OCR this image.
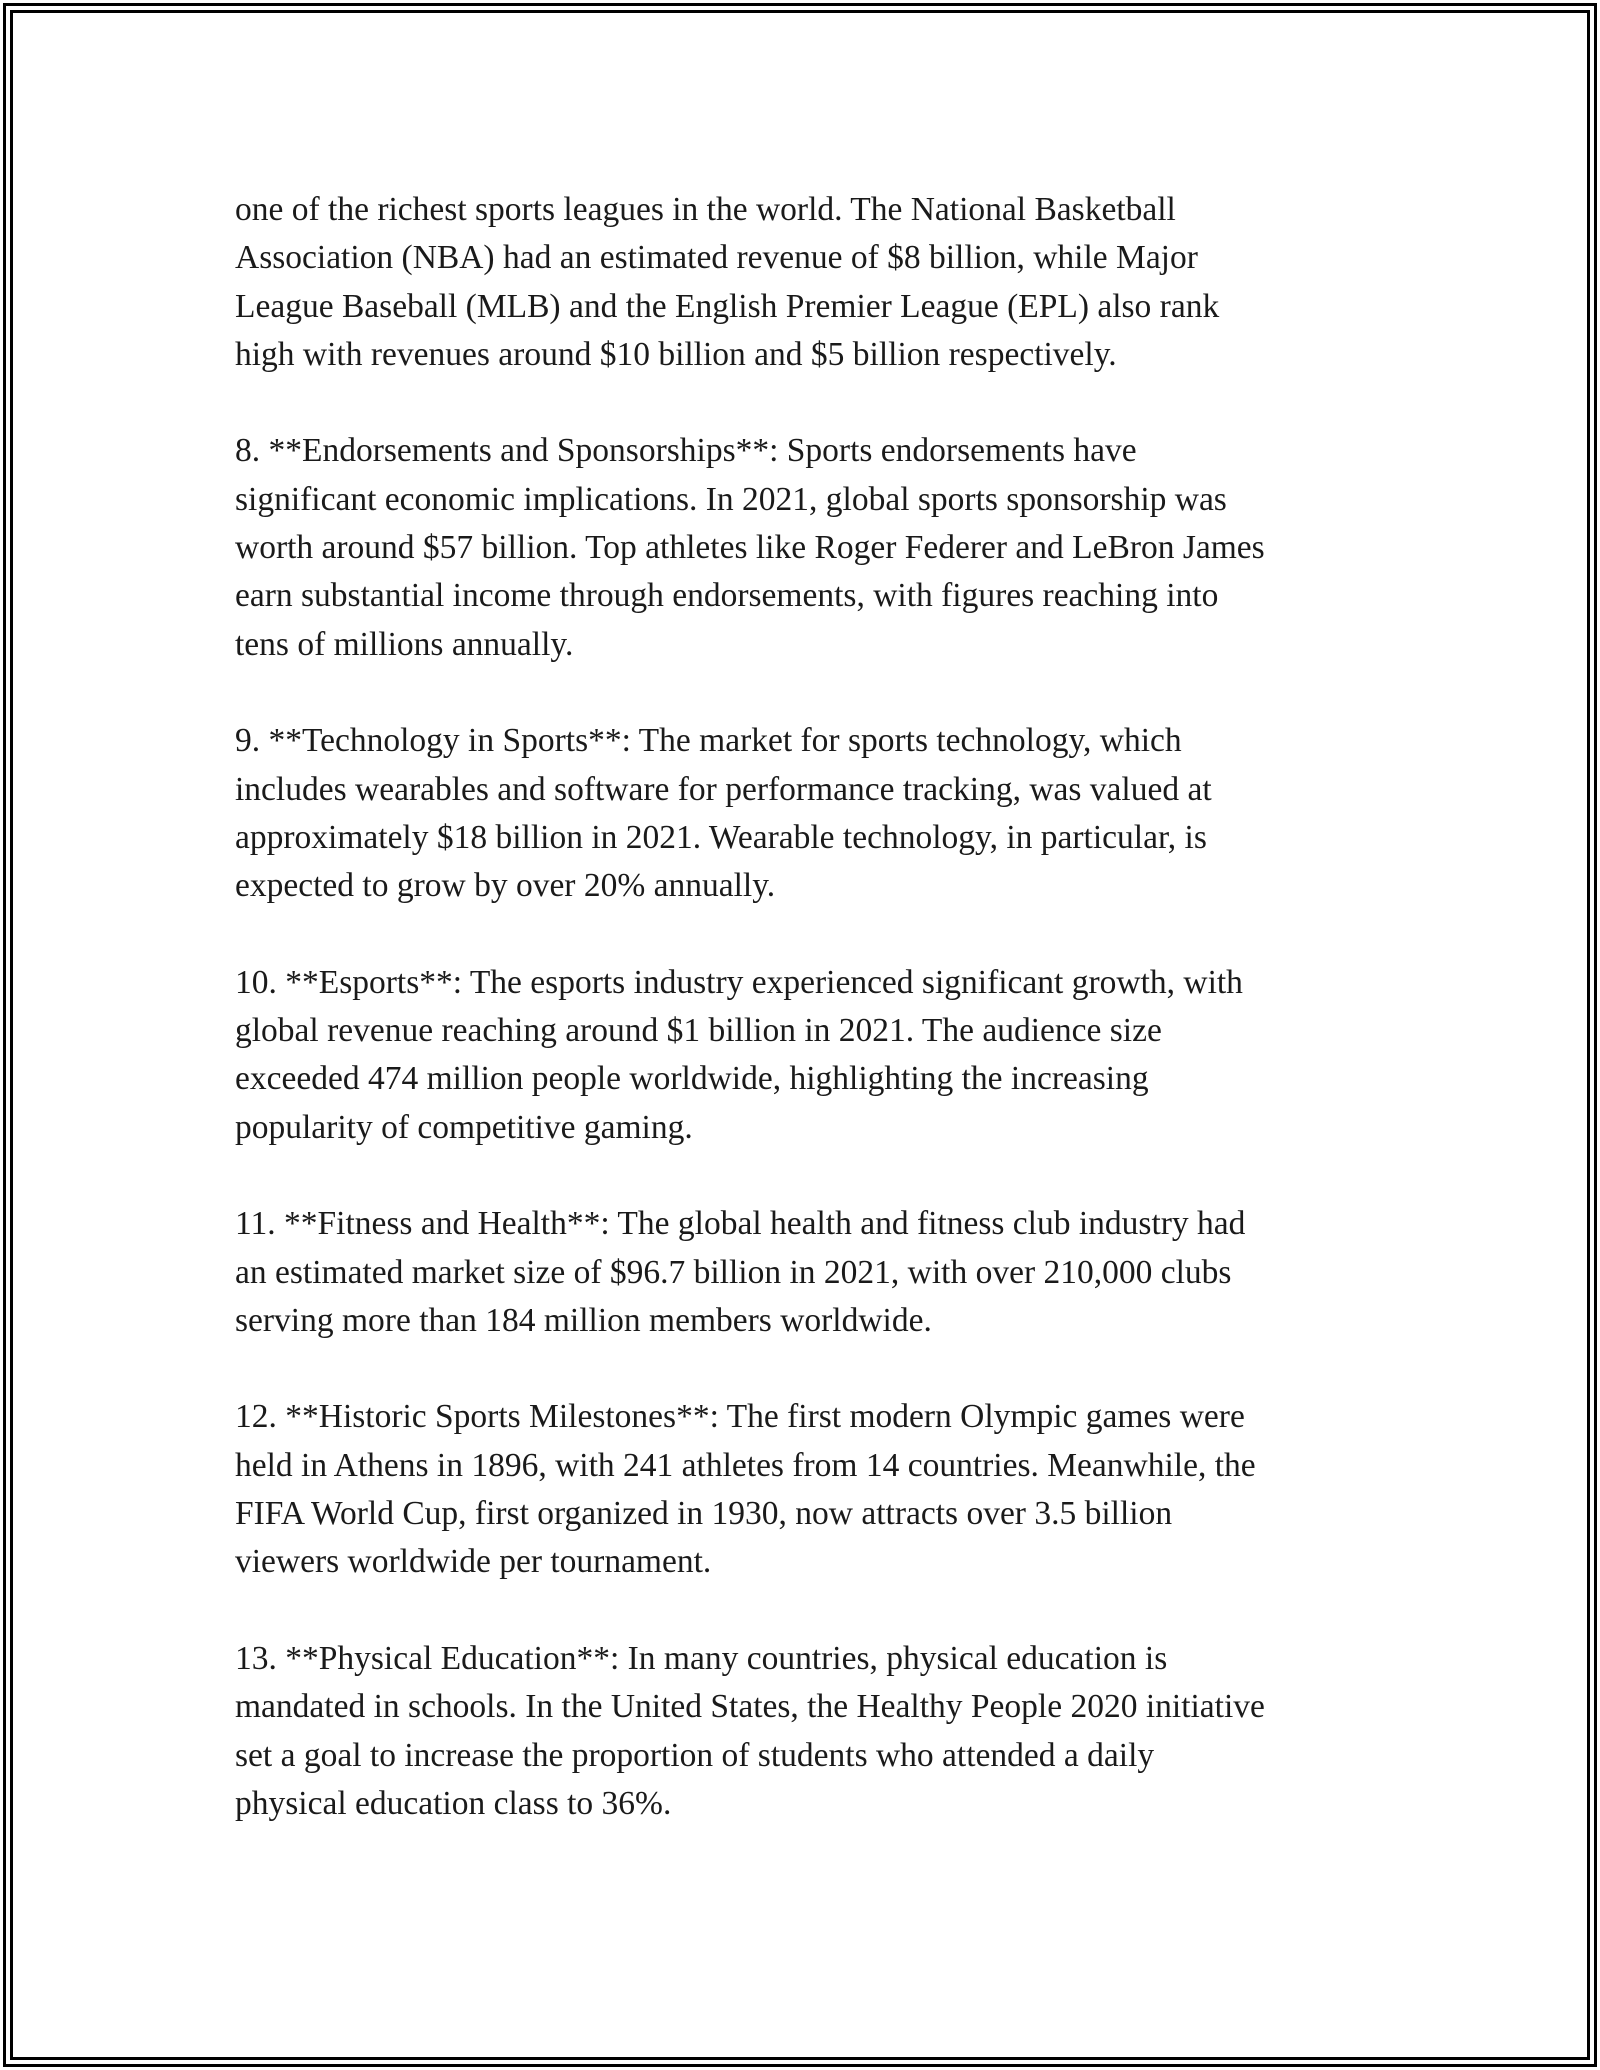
one of the richest sports leagues in the world. The National Basketball
Association (NBA) had an estimated revenue of $8 billion, while Major
League Baseball (MLB) and the English Premier League (EPL) also rank
high with revenues around $10 billion and $5 billion respectively.

8. **Endorsements and Sponsorships**: Sports endorsements have
significant economic implications. In 2021, global sports sponsorship was
worth around $57 billion. Top athletes like Roger Federer and LeBron James
earn substantial income through endorsements, with figures reaching into
tens of millions annually.

9. **Technology in Sports**: The market for sports technology, which
includes wearables and software for performance tracking, was valued at
approximately $18 billion in 2021. Wearable technology, in particular, is
expected to grow by over 20% annually.

10. **Esports**: The esports industry experienced significant growth, with
global revenue reaching around $1 billion in 2021. The audience size
exceeded 474 million people worldwide, highlighting the increasing
popularity of competitive gaming.

11. **Fitness and Health**: The global health and fitness club industry had
an estimated market size of $96.7 billion in 2021, with over 210,000 clubs
serving more than 184 million members worldwide.

12. **Historic Sports Milestones**: The first modern Olympic games were
held in Athens in 1896, with 241 athletes from 14 countries. Meanwhile, the
FIFA World Cup, first organized in 1930, now attracts over 3.5 billion
viewers worldwide per tournament.

13. **Physical Education**: In many countries, physical education is
mandated in schools. In the United States, the Healthy People 2020 initiative
set a goal to increase the proportion of students who attended a daily
physical education class to 36%.
